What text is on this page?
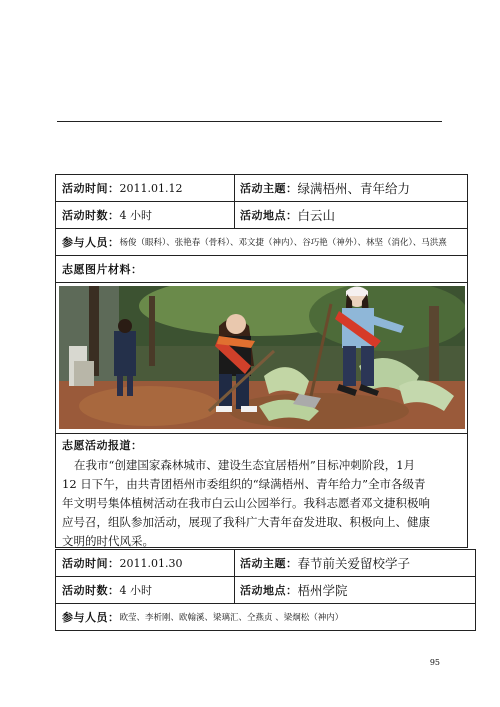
活动时间： 2011.01.12	活动主题： 绿满梧州、青年给力
活动时数： 4 小时	活动地点： 白云山
参与人员： 杨俊（眼科）、张艳春（骨科）、邓文捷（神内）、谷巧艳（神外）、林坚（消化）、马洪熹
志愿图片材料：
志愿活动报道：
在我市“创建国家森林城市、建设生态宜居梧州”目标冲刺阶段，1月
12 日下午，由共青团梧州市委组织的“绿满梧州、青年给力”全市各级青
年文明号集体植树活动在我市白云山公园举行。我科志愿者邓文捷积极响
应号召，组队参加活动，展现了我科广大青年奋发进取、积极向上、健康
文明的时代风采。
活动时间： 2011.01.30	活动主题： 春节前关爱留校学子
活动时数： 4 小时	活动地点： 梧州学院
参与人员： 欧莹、李析刚、欧翰溪、梁璃汇、仝燕贞 、梁炯松（神内）
95
